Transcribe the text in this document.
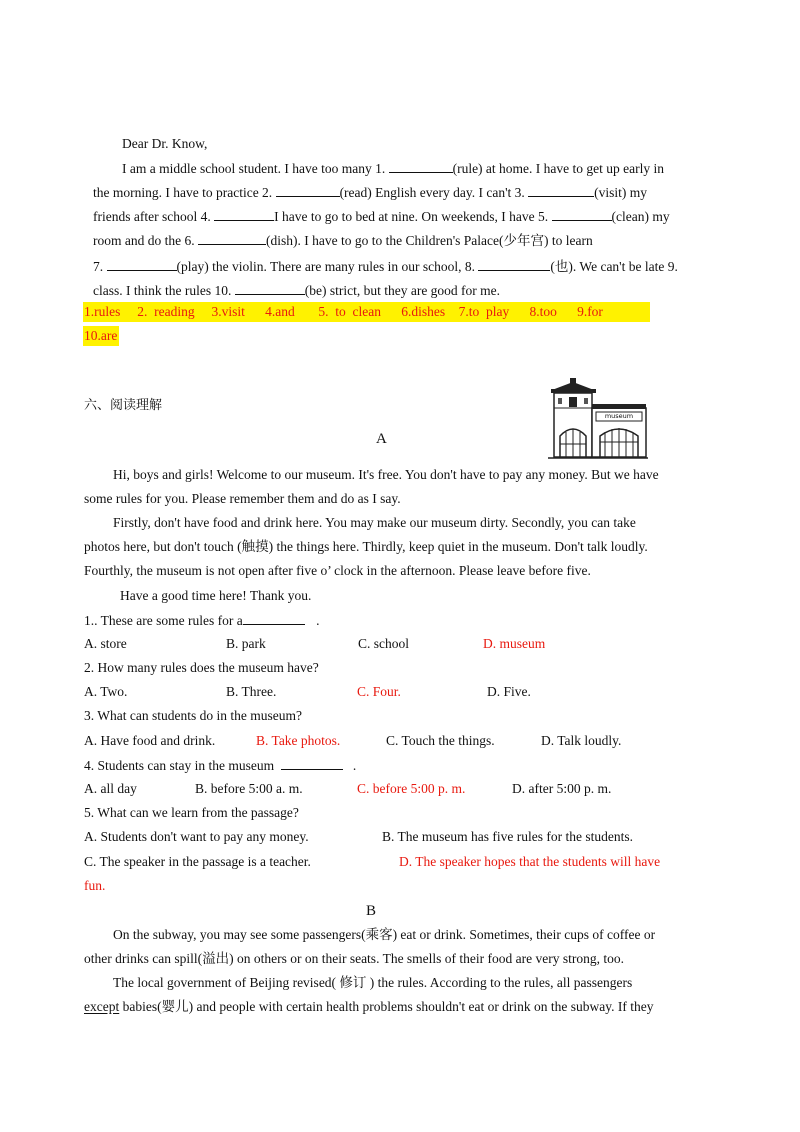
Dear Dr. Know,
I am a middle school student. I have too many 1.	(rule) at home. I have to get up early in
the morning. I have to practice 2.	(read) English every day. I can't 3.	(visit) my
friends after school 4.	I have to go to bed at nine. On weekends, I have 5.	(clean) my
room and do the 6.	(dish). I have to go to the Children's Palace(少年宫) to learn
7.	(play) the violin. There are many rules in our school, 8.	(也). We can't be late 9.
class. I think the rules 10.	(be) strict, but they are good for me.
1.rules     2.  reading     3.visit      4.and       5.  to  clean      6.dishes    7.to  play      8.too      9.for
10.are
六、阅读理解
museum
A
Hi, boys and girls! Welcome to our museum. It's free. You don't have to pay any money. But we have
some rules for you. Please remember them and do as I say.
Firstly, don't have food and drink here. You may make our museum dirty. Secondly, you can take
photos here, but don't touch (触摸) the things here. Thirdly, keep quiet in the museum. Don't talk loudly.
Fourthly, the museum is not open after five o’ clock in the afternoon. Please leave before five.
Have a good time here! Thank you.
1.. These are some rules for a	.
A. store	B. park	C. school	D. museum
2. How many rules does the museum have?
A. Two.	B. Three.	C. Four.	D. Five.
3. What can students do in the museum?
A. Have food and drink.	B. Take photos.	C. Touch the things.	D. Talk loudly.
4. Students can stay in the museum	.
A. all day	B. before 5:00 a. m.	C. before 5:00 p. m.	D. after 5:00 p. m.
5. What can we learn from the passage?
A. Students don't want to pay any money.	B. The museum has five rules for the students.
C. The speaker in the passage is a teacher.	D. The speaker hopes that the students will have
fun.
B
On the subway, you may see some passengers(乘客) eat or drink. Sometimes, their cups of coffee or
other drinks can spill(溢出) on others or on their seats. The smells of their food are very strong, too.
The local government of Beijing revised( 修订 ) the rules. According to the rules, all passengers
except babies(婴儿) and people with certain health problems shouldn't eat or drink on the subway. If they
